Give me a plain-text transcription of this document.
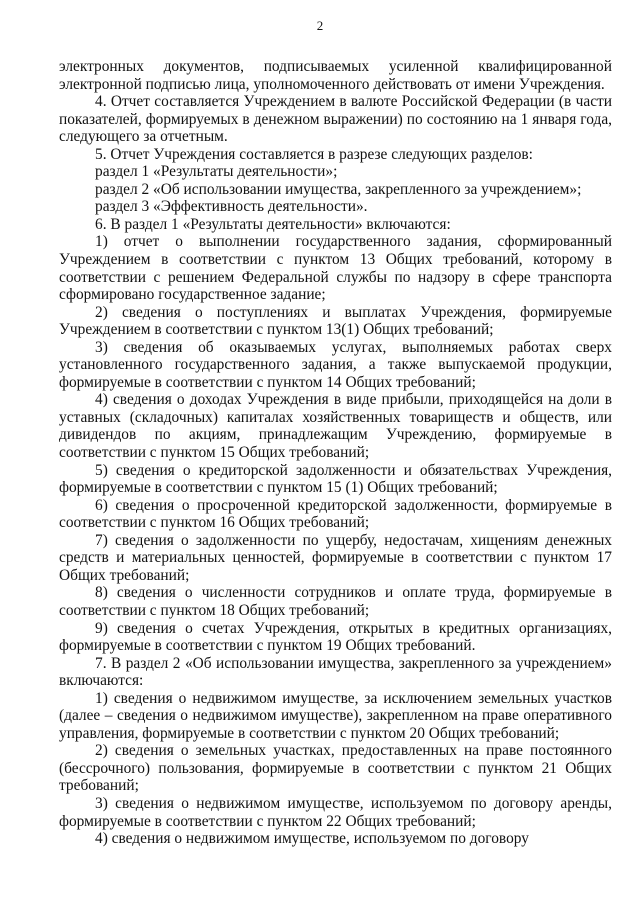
2

электронных документов, подписываемых усиленной квалифицированной электронной подписью лица, уполномоченного действовать от имени Учреждения.

4. Отчет составляется Учреждением в валюте Российской Федерации (в части показателей, формируемых в денежном выражении) по состоянию на 1 января года, следующего за отчетным.

5. Отчет Учреждения составляется в разрезе следующих разделов:

раздел 1 «Результаты деятельности»;

раздел 2 «Об использовании имущества, закрепленного за учреждением»;

раздел 3 «Эффективность деятельности».

6. В раздел 1 «Результаты деятельности» включаются:

1) отчет о выполнении государственного задания, сформированный Учреждением в соответствии с пунктом 13 Общих требований, которому в соответствии с решением Федеральной службы по надзору в сфере транспорта сформировано государственное задание;

2) сведения о поступлениях и выплатах Учреждения, формируемые Учреждением в соответствии с пунктом 13(1) Общих требований;

3) сведения об оказываемых услугах, выполняемых работах сверх установленного государственного задания, а также выпускаемой продукции, формируемые в соответствии с пунктом 14 Общих требований;

4) сведения о доходах Учреждения в виде прибыли, приходящейся на доли в уставных (складочных) капиталах хозяйственных товариществ и обществ, или дивидендов по акциям, принадлежащим Учреждению, формируемые в соответствии с пунктом 15 Общих требований;

5) сведения о кредиторской задолженности и обязательствах Учреждения, формируемые в соответствии с пунктом 15 (1) Общих требований;

6) сведения о просроченной кредиторской задолженности, формируемые в соответствии с пунктом 16 Общих требований;

7) сведения о задолженности по ущербу, недостачам, хищениям денежных средств и материальных ценностей, формируемые в соответствии с пунктом 17 Общих требований;

8) сведения о численности сотрудников и оплате труда, формируемые в соответствии с пунктом 18 Общих требований;

9) сведения о счетах Учреждения, открытых в кредитных организациях, формируемые в соответствии с пунктом 19 Общих требований.

7. В раздел 2 «Об использовании имущества, закрепленного за учреждением» включаются:

1) сведения о недвижимом имуществе, за исключением земельных участков (далее – сведения о недвижимом имуществе), закрепленном на праве оперативного управления, формируемые в соответствии с пунктом 20 Общих требований;

2) сведения о земельных участках, предоставленных на праве постоянного (бессрочного) пользования, формируемые в соответствии с пунктом 21 Общих требований;

3) сведения о недвижимом имуществе, используемом по договору аренды, формируемые в соответствии с пунктом 22 Общих требований;

4) сведения о недвижимом имуществе, используемом по договору
